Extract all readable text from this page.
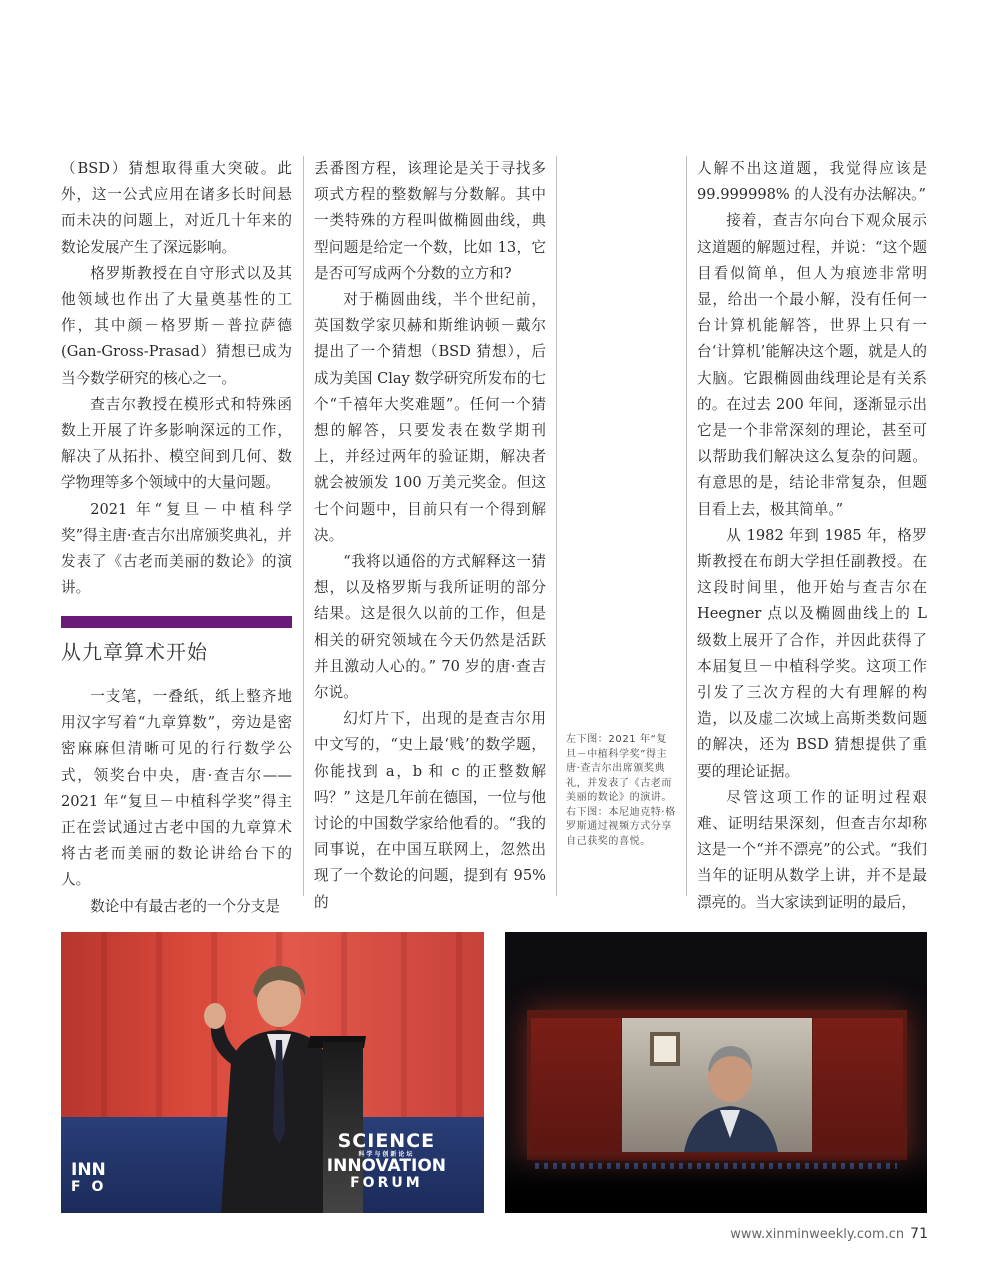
（BSD）猜想取得重大突破。此外，这一公式应用在诸多长时间悬而未决的问题上，对近几十年来的数论发展产生了深远影响。

格罗斯教授在自守形式以及其他领域也作出了大量奠基性的工作，其中颜－格罗斯－普拉萨德(Gan-Gross-Prasad）猜想已成为当今数学研究的核心之一。

查吉尔教授在模形式和特殊函数上开展了许多影响深远的工作，解决了从拓扑、模空间到几何、数学物理等多个领域中的大量问题。

2021 年“复旦－中植科学奖”得主唐·查吉尔出席颁奖典礼，并发表了《古老而美丽的数论》的演讲。

从九章算术开始

一支笔，一叠纸，纸上整齐地用汉字写着“九章算数”，旁边是密密麻麻但清晰可见的行行数学公式，领奖台中央，唐·查吉尔——2021 年“复旦－中植科学奖”得主正在尝试通过古老中国的九章算术将古老而美丽的数论讲给台下的人。

数论中有最古老的一个分支是

丢番图方程，该理论是关于寻找多项式方程的整数解与分数解。其中一类特殊的方程叫做椭圆曲线，典型问题是给定一个数，比如 13，它是否可写成两个分数的立方和?

对于椭圆曲线，半个世纪前，英国数学家贝赫和斯维讷顿－戴尔提出了一个猜想（BSD 猜想），后成为美国 Clay 数学研究所发布的七个“千禧年大奖难题”。任何一个猜想的解答，只要发表在数学期刊上，并经过两年的验证期，解决者就会被颁发 100 万美元奖金。但这七个问题中，目前只有一个得到解决。

“我将以通俗的方式解释这一猜想，以及格罗斯与我所证明的部分结果。这是很久以前的工作，但是相关的研究领域在今天仍然是活跃并且激动人心的。” 70 岁的唐·查吉尔说。

幻灯片下，出现的是查吉尔用中文写的，“史上最‘贱’的数学题，你能找到 a，b 和 c 的正整数解吗？” 这是几年前在德国，一位与他讨论的中国数学家给他看的。“我的同事说，在中国互联网上，忽然出现了一个数论的问题，提到有 95% 的

左下图：2021 年“复旦－中植科学奖”得主唐·查吉尔出席颁奖典礼，并发表了《古老而美丽的数论》的演讲。
右下图：本尼迪克特·格罗斯通过视频方式分享自己获奖的喜悦。

人解不出这道题，我觉得应该是 99.999998% 的人没有办法解决。”

接着，查吉尔向台下观众展示这道题的解题过程，并说：“这个题目看似简单，但人为痕迹非常明显，给出一个最小解，没有任何一台计算机能解答，世界上只有一台‘计算机’能解决这个题，就是人的大脑。它跟椭圆曲线理论是有关系的。在过去 200 年间，逐渐显示出它是一个非常深刻的理论，甚至可以帮助我们解决这么复杂的问题。有意思的是，结论非常复杂，但题目看上去，极其简单。”

从 1982 年到 1985 年，格罗斯教授在布朗大学担任副教授。在这段时间里，他开始与查吉尔在 Heegner 点以及椭圆曲线上的 L 级数上展开了合作，并因此获得了本届复旦－中植科学奖。这项工作引发了三次方程的大有理解的构造，以及虚二次域上高斯类数问题的解决，还为 BSD 猜想提供了重要的理论证据。

尽管这项工作的证明过程艰难、证明结果深刻，但查吉尔却称这是一个“并不漂亮”的公式。“我们当年的证明从数学上讲，并不是最漂亮的。当大家读到证明的最后，

INN
F O
SCIENCE
科学与创新论坛
INNOVATION
FORUM
www.xinminweekly.com.cn 71
